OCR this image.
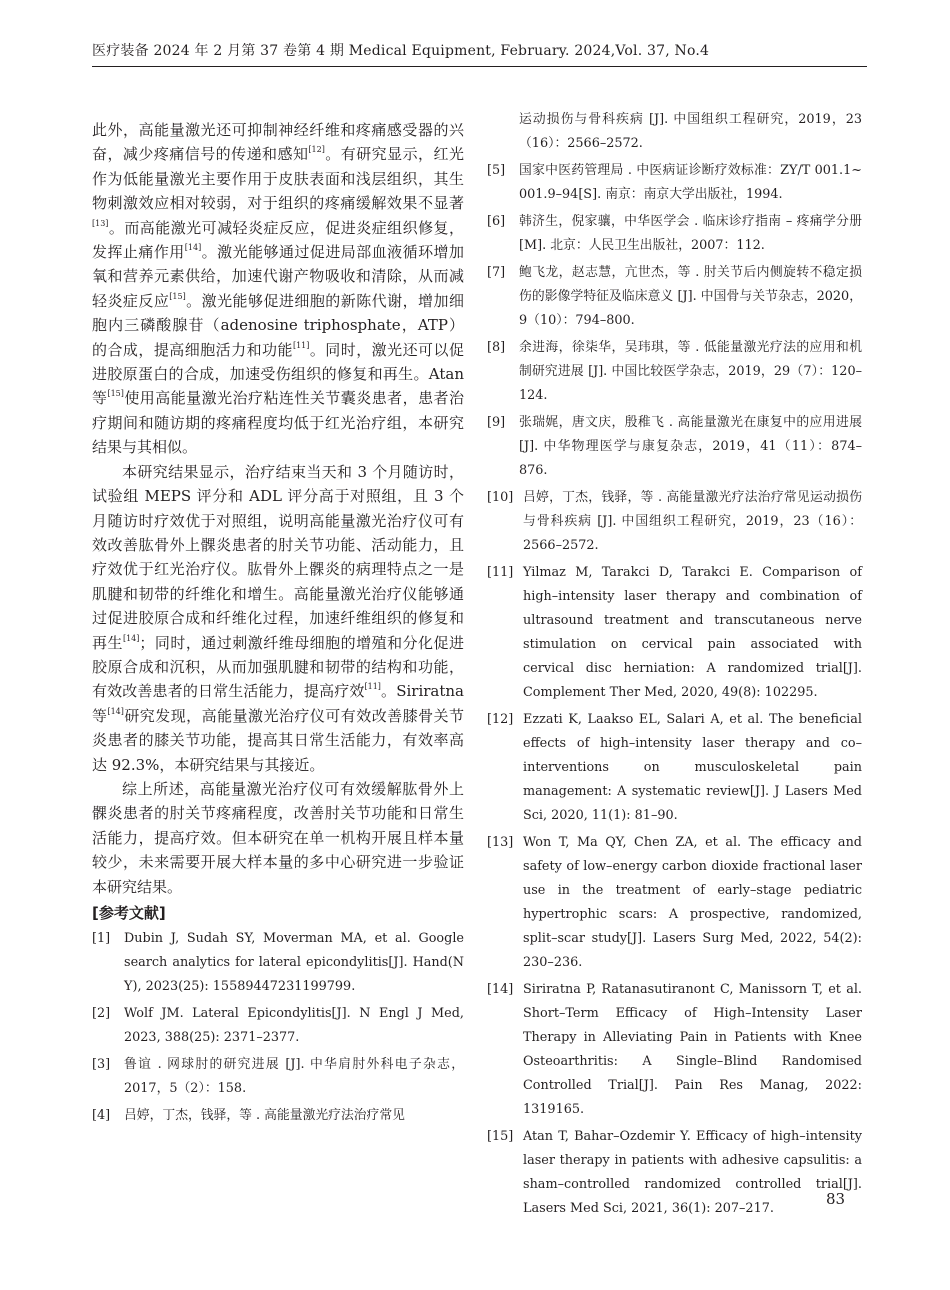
医疗装备 2024 年 2 月第 37 卷第 4 期 Medical Equipment, February. 2024,Vol. 37, No.4

此外，高能量激光还可抑制神经纤维和疼痛感受器的兴奋，减少疼痛信号的传递和感知[12]。有研究显示，红光作为低能量激光主要作用于皮肤表面和浅层组织，其生物刺激效应相对较弱，对于组织的疼痛缓解效果不显著[13]。而高能激光可减轻炎症反应，促进炎症组织修复，发挥止痛作用[14]。激光能够通过促进局部血液循环增加氧和营养元素供给，加速代谢产物吸收和清除，从而减轻炎症反应[15]。激光能够促进细胞的新陈代谢，增加细胞内三磷酸腺苷（adenosine triphosphate，ATP）的合成，提高细胞活力和功能[11]。同时，激光还可以促进胶原蛋白的合成，加速受伤组织的修复和再生。Atan 等[15]使用高能量激光治疗粘连性关节囊炎患者，患者治疗期间和随访期的疼痛程度均低于红光治疗组，本研究结果与其相似。

本研究结果显示，治疗结束当天和 3 个月随访时，试验组 MEPS 评分和 ADL 评分高于对照组，且 3 个月随访时疗效优于对照组，说明高能量激光治疗仪可有效改善肱骨外上髁炎患者的肘关节功能、活动能力，且疗效优于红光治疗仪。肱骨外上髁炎的病理特点之一是肌腱和韧带的纤维化和增生。高能量激光治疗仪能够通过促进胶原合成和纤维化过程，加速纤维组织的修复和再生[14]；同时，通过刺激纤维母细胞的增殖和分化促进胶原合成和沉积，从而加强肌腱和韧带的结构和功能，有效改善患者的日常生活能力，提高疗效[11]。Siriratna 等[14]研究发现，高能量激光治疗仪可有效改善膝骨关节炎患者的膝关节功能，提高其日常生活能力，有效率高达 92.3%，本研究结果与其接近。

综上所述，高能量激光治疗仪可有效缓解肱骨外上髁炎患者的肘关节疼痛程度，改善肘关节功能和日常生活能力，提高疗效。但本研究在单一机构开展且样本量较少，未来需要开展大样本量的多中心研究进一步验证本研究结果。

[参考文献]

[1]	Dubin J, Sudah SY, Moverman MA, et al. Google search analytics for lateral epicondylitis[J]. Hand(N Y), 2023(25): 15589447231199799.
[2]	Wolf JM. Lateral Epicondylitis[J]. N Engl J Med, 2023, 388(25): 2371–2377.
[3]	鲁谊 . 网球肘的研究进展 [J]. 中华肩肘外科电子杂志，2017，5（2）：158.
[4]	吕婷，丁杰，钱驿，等 . 高能量激光疗法治疗常见
运动损伤与骨科疾病 [J]. 中国组织工程研究，2019，23（16）：2566–2572.
[5]	国家中医药管理局 . 中医病证诊断疗效标准：ZY/T 001.1~ 001.9–94[S]. 南京：南京大学出版社，1994.
[6]	韩济生，倪家骧，中华医学会 . 临床诊疗指南 – 疼痛学分册 [M]. 北京：人民卫生出版社，2007：112.
[7]	鲍飞龙，赵志慧，亢世杰，等 . 肘关节后内侧旋转不稳定损伤的影像学特征及临床意义 [J]. 中国骨与关节杂志，2020，9（10）：794–800.
[8]	余进海，徐柒华，吴玮琪，等 . 低能量激光疗法的应用和机制研究进展 [J]. 中国比较医学杂志，2019，29（7）：120–124.
[9]	张瑞娓，唐文庆，殷稚飞 . 高能量激光在康复中的应用进展 [J]. 中华物理医学与康复杂志，2019，41（11）：874–876.
[10] 吕婷，丁杰，钱驿，等 . 高能量激光疗法治疗常见运动损伤与骨科疾病 [J]. 中国组织工程研究，2019，23（16）：2566–2572.
[11] Yilmaz M, Tarakci D, Tarakci E. Comparison of high–intensity laser therapy and combination of ultrasound treatment and transcutaneous nerve stimulation on cervical pain associated with cervical disc herniation: A randomized trial[J]. Complement Ther Med, 2020, 49(8): 102295.
[12] Ezzati K, Laakso EL, Salari A, et al. The beneficial effects of high–intensity laser therapy and co–interventions on musculoskeletal pain management: A systematic review[J]. J Lasers Med Sci, 2020, 11(1): 81–90.
[13] Won T, Ma QY, Chen ZA, et al. The efficacy and safety of low–energy carbon dioxide fractional laser use in the treatment of early–stage pediatric hypertrophic scars: A prospective, randomized, split–scar study[J]. Lasers Surg Med, 2022, 54(2): 230–236.
[14] Siriratna P, Ratanasutiranont C, Manissorn T, et al. Short–Term Efficacy of High–Intensity Laser Therapy in Alleviating Pain in Patients with Knee Osteoarthritis: A Single–Blind Randomised Controlled Trial[J]. Pain Res Manag, 2022: 1319165.
[15] Atan T, Bahar–Ozdemir Y. Efficacy of high–intensity laser therapy in patients with adhesive capsulitis: a sham–controlled randomized controlled trial[J]. Lasers Med Sci, 2021, 36(1): 207–217.
83
